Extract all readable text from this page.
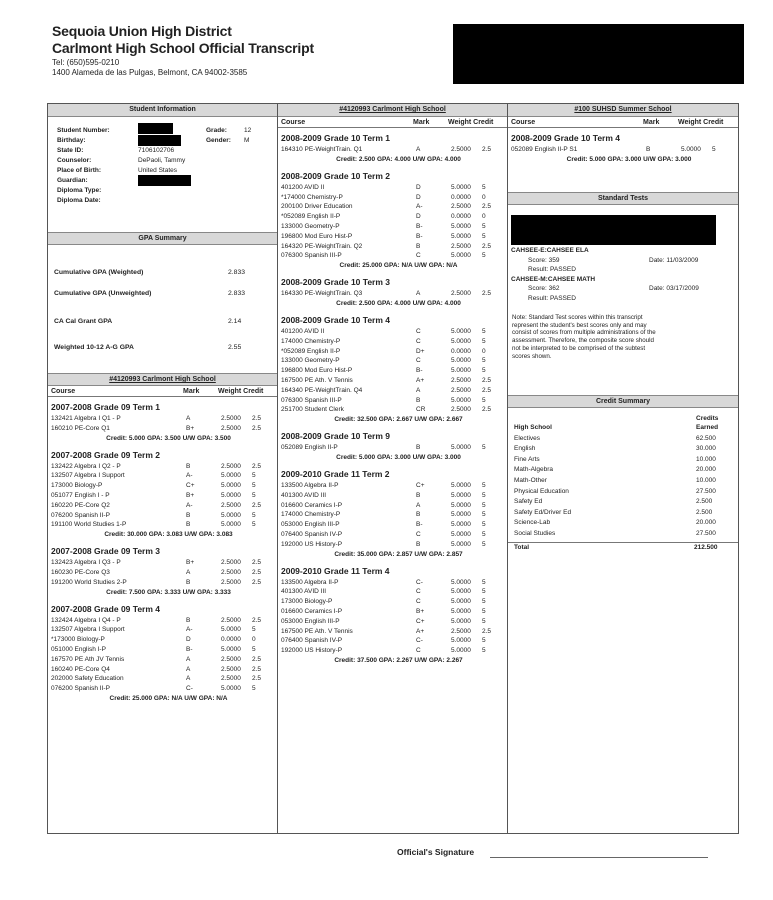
Sequoia Union High District
Carlmont High School Official Transcript
Tel: (650)595-0210
1400 Alameda de las Pulgas, Belmont, CA 94002-3585
Student Information
Student Number:	Grade:	12
Birthday:	Gender: M
State ID:	7106102706
Counselor:	DePaoli, Tammy
Place of Birth:	United States
Guardian:
Diploma Type:
Diploma Date:
GPA Summary
Cumulative GPA (Weighted)	2.833
Cumulative GPA (Unweighted)	2.833
CA Cal Grant GPA	2.14
Weighted 10-12 A-G GPA	2.55
#4120993 Carlmont High School
Course	Mark	Weight Credit
2007-2008 Grade 09 Term 1
132421 Algebra I Q1 - P	A	2.5000 2.5
160210 PE-Core Q1	B+	2.5000 2.5
Credit: 5.000 GPA: 3.500 U/W GPA: 3.500
2007-2008 Grade 09 Term 2
132422 Algebra I Q2 - P	B	2.5000 2.5
132507 Algebra I Support	A-	5.0000 5
173000 Biology-P	C+	5.0000 5
051077 English I - P	B+	5.0000 5
160220 PE-Core Q2	A-	2.5000 2.5
076200 Spanish II-P	B	5.0000 5
191100 World Studies 1-P	B	5.0000 5
Credit: 30.000 GPA: 3.083 U/W GPA: 3.083
2007-2008 Grade 09 Term 3
132423 Algebra I Q3 - P	B+	2.5000 2.5
160230 PE-Core Q3	A	2.5000 2.5
191200 World Studies 2-P	B	2.5000 2.5
Credit: 7.500 GPA: 3.333 U/W GPA: 3.333
2007-2008 Grade 09 Term 4
132424 Algebra I Q4 - P	B	2.5000 2.5
132507 Algebra I Support	A-	5.0000 5
*173000 Biology-P	D	0.0000 0
051000 English I-P	B-	5.0000 5
167570 PE Ath JV Tennis	A	2.5000 2.5
160240 PE-Core Q4	A	2.5000 2.5
202000 Safety Education	A	2.5000 2.5
076200 Spanish II-P	C-	5.0000 5
Credit: 25.000 GPA: N/A U/W GPA: N/A
#4120993 Carlmont High School
Course	Mark	Weight Credit
2008-2009 Grade 10 Term 1
164310 PE-WeightTrain. Q1	A	2.5000 2.5
Credit: 2.500 GPA: 4.000 U/W GPA: 4.000
2008-2009 Grade 10 Term 2
401200 AVID II	D	5.0000 5
*174000 Chemistry-P	D	0.0000 0
200100 Driver Education	A-	2.5000 2.5
*052089 English II-P	D	0.0000 0
133000 Geometry-P	B-	5.0000 5
196800 Mod Euro Hist-P	B-	5.0000 5
164320 PE-WeightTrain. Q2	B	2.5000 2.5
076300 Spanish III-P	C	5.0000 5
Credit: 25.000 GPA: N/A U/W GPA: N/A
2008-2009 Grade 10 Term 3
164330 PE-WeightTrain. Q3	A	2.5000 2.5
Credit: 2.500 GPA: 4.000 U/W GPA: 4.000
2008-2009 Grade 10 Term 4
401200 AVID II	C	5.0000 5
174000 Chemistry-P	C	5.0000 5
*052089 English II-P	D+	0.0000 0
133000 Geometry-P	C	5.0000 5
196800 Mod Euro Hist-P	B-	5.0000 5
167500 PE Ath. V Tennis	A+	2.5000 2.5
164340 PE-WeightTrain. Q4	A	2.5000 2.5
076300 Spanish III-P	B	5.0000 5
251700 Student Clerk	CR	2.5000 2.5
Credit: 32.500 GPA: 2.667 U/W GPA: 2.667
2008-2009 Grade 10 Term 9
052089 English II-P	B	5.0000 5
Credit: 5.000 GPA: 3.000 U/W GPA: 3.000
2009-2010 Grade 11 Term 2
133500 Algebra II-P	C+	5.0000 5
401300 AVID III	B	5.0000 5
016600 Ceramics I-P	A	5.0000 5
174000 Chemistry-P	B	5.0000 5
053000 English III-P	B-	5.0000 5
076400 Spanish IV-P	C	5.0000 5
192000 US History-P	B	5.0000 5
Credit: 35.000 GPA: 2.857 U/W GPA: 2.857
2009-2010 Grade 11 Term 4
133500 Algebra II-P	C-	5.0000 5
401300 AVID III	C	5.0000 5
173000 Biology-P	C	5.0000 5
016600 Ceramics I-P	B+	5.0000 5
053000 English III-P	C+	5.0000 5
167500 PE Ath. V Tennis	A+	2.5000 2.5
076400 Spanish IV-P	C-	5.0000 5
192000 US History-P	C	5.0000 5
Credit: 37.500 GPA: 2.267 U/W GPA: 2.267
#100 SUHSD Summer School
Course	Mark	Weight Credit
2008-2009 Grade 10 Term 4
052089 English II-P S1	B	5.0000 5
Credit: 5.000 GPA: 3.000 U/W GPA: 3.000
Standard Tests
CAHSEE-E:CAHSEE ELA
Score: 359	Date: 11/03/2009
Result: PASSED
CAHSEE-M:CAHSEE MATH
Score: 362	Date: 03/17/2009
Result: PASSED
Note: Standard Test scores within this transcript
represent the student's best scores only and may
consist of scores from multiple administrations of the
assessment. Therefore, the composite score should
not be interpreted to be comprised of the subtest
scores shown.
Credit Summary
Credits
High School	Earned
Electives	62.500
English	30.000
Fine Arts	10.000
Math-Algebra	20.000
Math-Other	10.000
Physical Education	27.500
Safety Ed	2.500
Safety Ed/Driver Ed	2.500
Science-Lab	20.000
Social Studies	27.500
Total	212.500
Official's Signature
